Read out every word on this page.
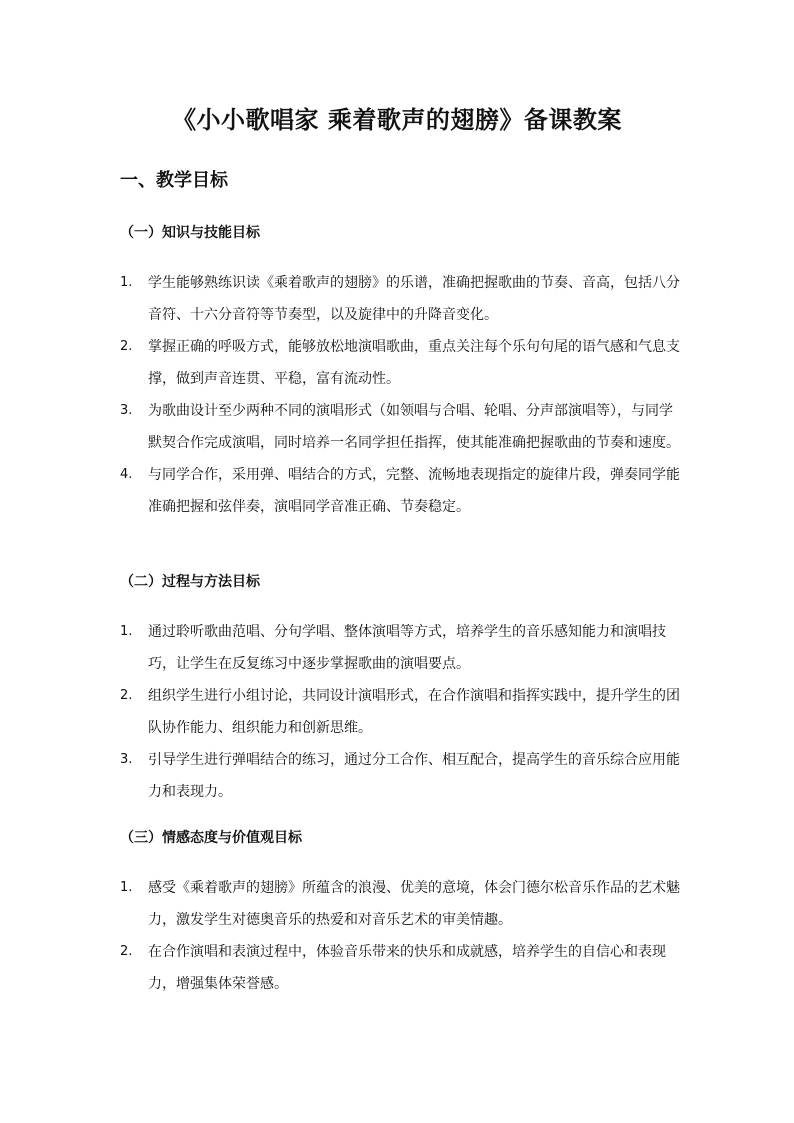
《小小歌唱家 乘着歌声的翅膀》备课教案
一、教学目标
（一）知识与技能目标
1. 学生能够熟练识读《乘着歌声的翅膀》的乐谱，准确把握歌曲的节奏、音高，包括八分音符、十六分音符等节奏型，以及旋律中的升降音变化。
2. 掌握正确的呼吸方式，能够放松地演唱歌曲，重点关注每个乐句句尾的语气感和气息支撑，做到声音连贯、平稳，富有流动性。
3. 为歌曲设计至少两种不同的演唱形式（如领唱与合唱、轮唱、分声部演唱等），与同学默契合作完成演唱，同时培养一名同学担任指挥，使其能准确把握歌曲的节奏和速度。
4. 与同学合作，采用弹、唱结合的方式，完整、流畅地表现指定的旋律片段，弹奏同学能准确把握和弦伴奏，演唱同学音准正确、节奏稳定。
（二）过程与方法目标
1. 通过聆听歌曲范唱、分句学唱、整体演唱等方式，培养学生的音乐感知能力和演唱技巧，让学生在反复练习中逐步掌握歌曲的演唱要点。
2. 组织学生进行小组讨论，共同设计演唱形式，在合作演唱和指挥实践中，提升学生的团队协作能力、组织能力和创新思维。
3. 引导学生进行弹唱结合的练习，通过分工合作、相互配合，提高学生的音乐综合应用能力和表现力。
（三）情感态度与价值观目标
1. 感受《乘着歌声的翅膀》所蕴含的浪漫、优美的意境，体会门德尔松音乐作品的艺术魅力，激发学生对德奥音乐的热爱和对音乐艺术的审美情趣。
2. 在合作演唱和表演过程中，体验音乐带来的快乐和成就感，培养学生的自信心和表现力，增强集体荣誉感。
